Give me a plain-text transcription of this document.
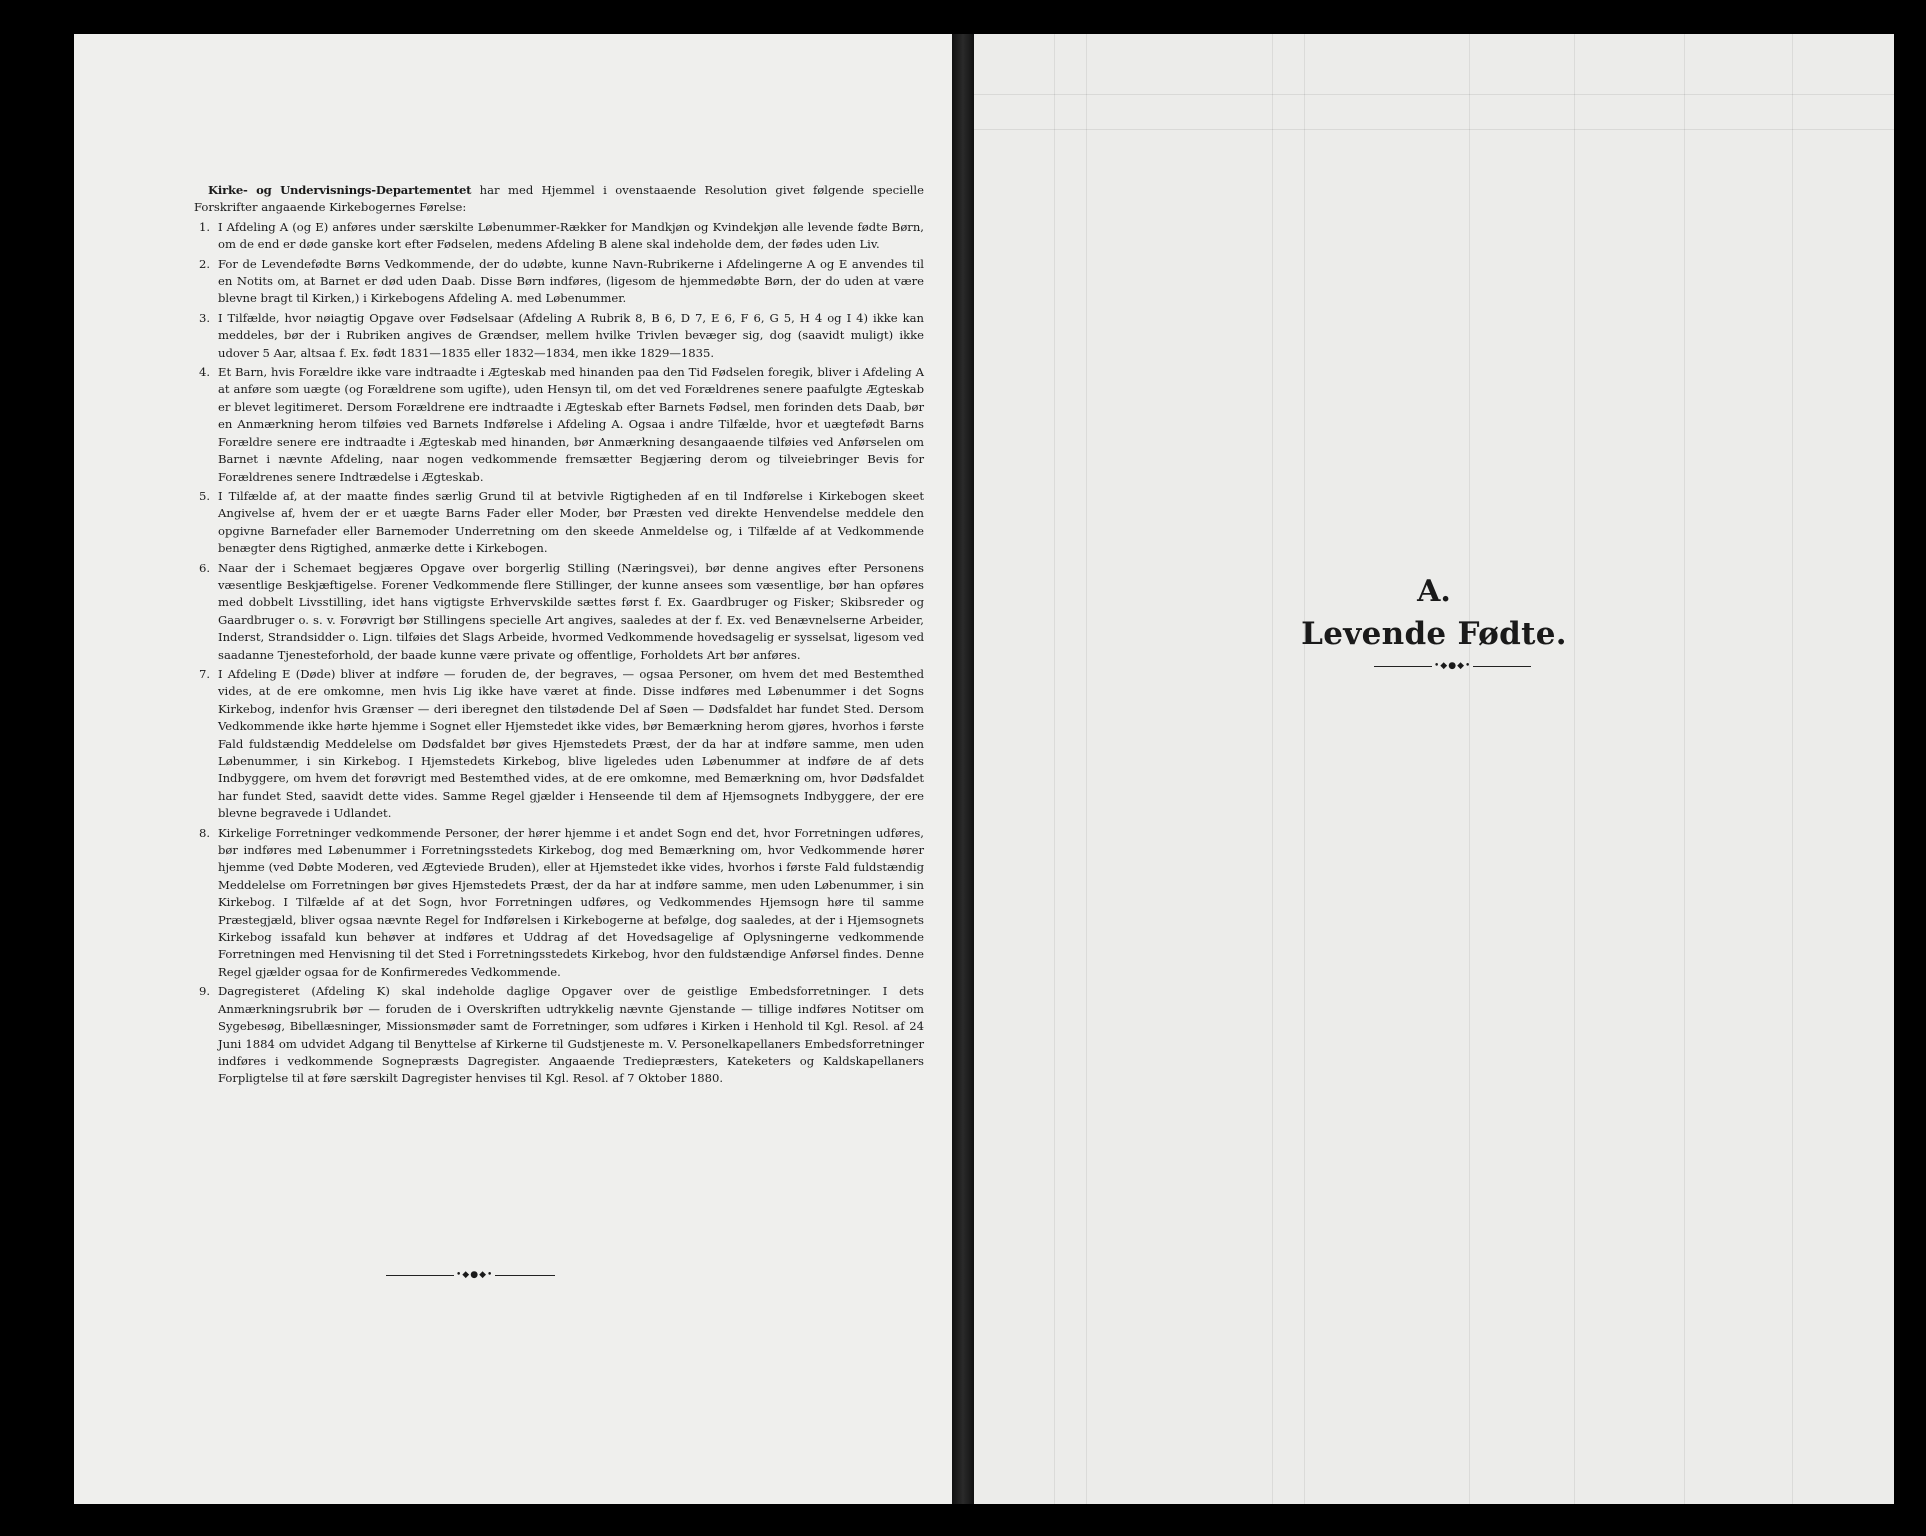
Kirke- og Undervisnings-Departementet har med Hjemmel i ovenstaaende Resolution givet følgende specielle Forskrifter angaaende Kirkebogernes Førelse:

1. I Afdeling A (og E) anføres under særskilte Løbenummer-Rækker for Mandkjøn og Kvindekjøn alle levende fødte Børn, om de end er døde ganske kort efter Fødselen, medens Afdeling B alene skal indeholde dem, der fødes uden Liv.
2. For de Levendefødte Børns Vedkommende, der do udøbte, kunne Navn-Rubrikerne i Afdelingerne A og E anvendes til en Notits om, at Barnet er død uden Daab. Disse Børn indføres, (ligesom de hjemmedøbte Børn, der do uden at være blevne bragt til Kirken,) i Kirkebogens Afdeling A. med Løbenummer.
3. I Tilfælde, hvor nøiagtig Opgave over Fødselsaar (Afdeling A Rubrik 8, B 6, D 7, E 6, F 6, G 5, H 4 og I 4) ikke kan meddeles, bør der i Rubriken angives de Grændser, mellem hvilke Trivlen bevæger sig, dog (saavidt muligt) ikke udover 5 Aar, altsaa f. Ex. født 1831—1835 eller 1832—1834, men ikke 1829—1835.
4. Et Barn, hvis Forældre ikke vare indtraadte i Ægteskab med hinanden paa den Tid Fødselen foregik, bliver i Afdeling A at anføre som uægte (og Forældrene som ugifte), uden Hensyn til, om det ved Forældrenes senere paafulgte Ægteskab er blevet legitimeret. Dersom Forældrene ere indtraadte i Ægteskab efter Barnets Fødsel, men forinden dets Daab, bør en Anmærkning herom tilføies ved Barnets Indførelse i Afdeling A. Ogsaa i andre Tilfælde, hvor et uægtefødt Barns Forældre senere ere indtraadte i Ægteskab med hinanden, bør Anmærkning desangaaende tilføies ved Anførselen om Barnet i nævnte Afdeling, naar nogen vedkommende fremsætter Begjæring derom og tilveiebringer Bevis for Forældrenes senere Indtrædelse i Ægteskab.
5. I Tilfælde af, at der maatte findes særlig Grund til at betvivle Rigtigheden af en til Indførelse i Kirkebogen skeet Angivelse af, hvem der er et uægte Barns Fader eller Moder, bør Præsten ved direkte Henvendelse meddele den opgivne Barnefader eller Barnemoder Underretning om den skeede Anmeldelse og, i Tilfælde af at Vedkommende benægter dens Rigtighed, anmærke dette i Kirkebogen.
6. Naar der i Schemaet begjæres Opgave over borgerlig Stilling (Næringsvei), bør denne angives efter Personens væsentlige Beskjæftigelse. Forener Vedkommende flere Stillinger, der kunne ansees som væsentlige, bør han opføres med dobbelt Livsstilling, idet hans vigtigste Erhvervskilde sættes først f. Ex. Gaardbruger og Fisker; Skibsreder og Gaardbruger o. s. v. Forøvrigt bør Stillingens specielle Art angives, saaledes at der f. Ex. ved Benævnelserne Arbeider, Inderst, Strandsidder o. Lign. tilføies det Slags Arbeide, hvormed Vedkommende hovedsagelig er sysselsat, ligesom ved saadanne Tjenesteforhold, der baade kunne være private og offentlige, Forholdets Art bør anføres.
7. I Afdeling E (Døde) bliver at indføre — foruden de, der begraves, — ogsaa Personer, om hvem det med Bestemthed vides, at de ere omkomne, men hvis Lig ikke have været at finde. Disse indføres med Løbenummer i det Sogns Kirkebog, indenfor hvis Grænser — deri iberegnet den tilstødende Del af Søen — Dødsfaldet har fundet Sted. Dersom Vedkommende ikke hørte hjemme i Sognet eller Hjemstedet ikke vides, bør Bemærkning herom gjøres, hvorhos i første Fald fuldstændig Meddelelse om Dødsfaldet bør gives Hjemstedets Præst, der da har at indføre samme, men uden Løbenummer, i sin Kirkebog. I Hjemstedets Kirkebog, blive ligeledes uden Løbenummer at indføre de af dets Indbyggere, om hvem det forøvrigt med Bestemthed vides, at de ere omkomne, med Bemærkning om, hvor Dødsfaldet har fundet Sted, saavidt dette vides. Samme Regel gjælder i Henseende til dem af Hjemsognets Indbyggere, der ere blevne begravede i Udlandet.
8. Kirkelige Forretninger vedkommende Personer, der hører hjemme i et andet Sogn end det, hvor Forretningen udføres, bør indføres med Løbenummer i Forretningsstedets Kirkebog, dog med Bemærkning om, hvor Vedkommende hører hjemme (ved Døbte Moderen, ved Ægteviede Bruden), eller at Hjemstedet ikke vides, hvorhos i første Fald fuldstændig Meddelelse om Forretningen bør gives Hjemstedets Præst, der da har at indføre samme, men uden Løbenummer, i sin Kirkebog. I Tilfælde af at det Sogn, hvor Forretningen udføres, og Vedkommendes Hjemsogn høre til samme Præstegjæld, bliver ogsaa nævnte Regel for Indførelsen i Kirkebogerne at befølge, dog saaledes, at der i Hjemsognets Kirkebog issafald kun behøver at indføres et Uddrag af det Hovedsagelige af Oplysningerne vedkommende Forretningen med Henvisning til det Sted i Forretningsstedets Kirkebog, hvor den fuldstændige Anførsel findes. Denne Regel gjælder ogsaa for de Konfirmeredes Vedkommende.
9. Dagregisteret (Afdeling K) skal indeholde daglige Opgaver over de geistlige Embedsforretninger. I dets Anmærkningsrubrik bør — foruden de i Overskriften udtrykkelig nævnte Gjenstande — tillige indføres Notitser om Sygebesøg, Bibellæsninger, Missionsmøder samt de Forretninger, som udføres i Kirken i Henhold til Kgl. Resol. af 24 Juni 1884 om udvidet Adgang til Benyttelse af Kirkerne til Gudstjeneste m. V. Personelkapellaners Embedsforretninger indføres i vedkommende Sognepræsts Dagregister. Angaaende Trediepræsters, Kateketers og Kaldskapellaners Forpligtelse til at føre særskilt Dagregister henvises til Kgl. Resol. af 7 Oktober 1880.
•◆●◆•
A.
Levende Fødte.
•◆●◆•
